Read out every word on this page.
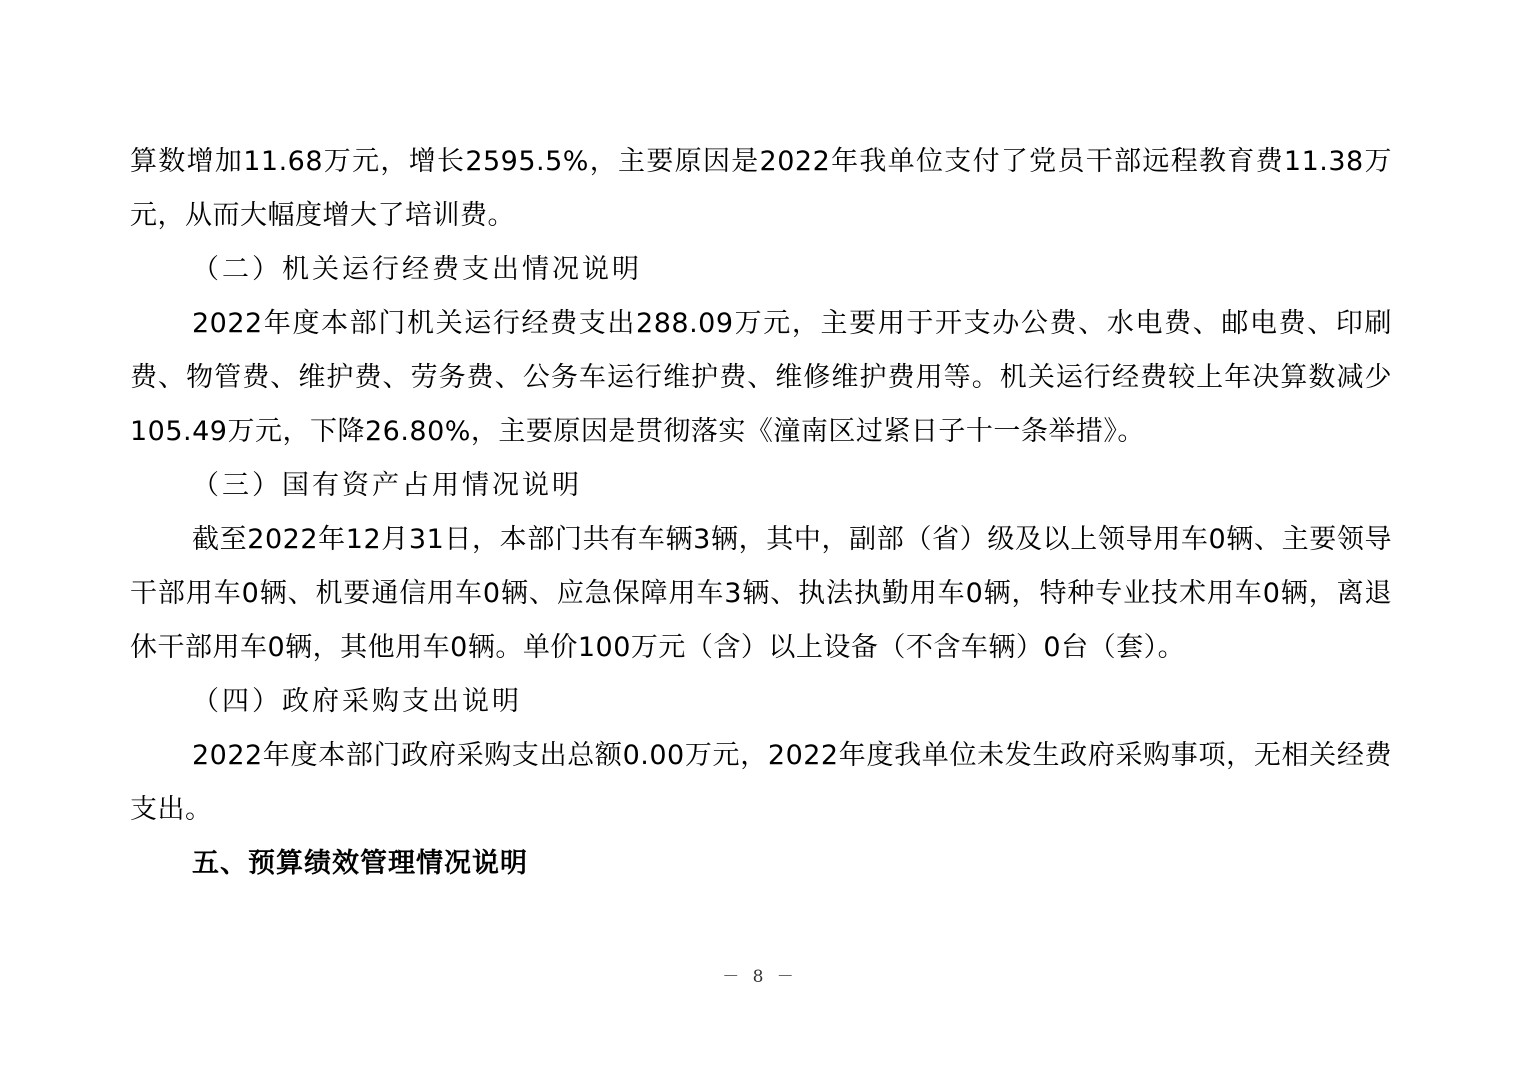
算数增加11.68万元，增长2595.5%，主要原因是2022年我单位支付了党员干部远程教育费11.38万元，从而大幅度增大了培训费。

（二）机关运行经费支出情况说明

2022年度本部门机关运行经费支出288.09万元，主要用于开支办公费、水电费、邮电费、印刷费、物管费、维护费、劳务费、公务车运行维护费、维修维护费用等。机关运行经费较上年决算数减少105.49万元，下降26.80%，主要原因是贯彻落实《潼南区过紧日子十一条举措》。

（三）国有资产占用情况说明

截至2022年12月31日，本部门共有车辆3辆，其中，副部（省）级及以上领导用车0辆、主要领导干部用车0辆、机要通信用车0辆、应急保障用车3辆、执法执勤用车0辆，特种专业技术用车0辆，离退休干部用车0辆，其他用车0辆。单价100万元（含）以上设备（不含车辆）0台（套）。

（四）政府采购支出说明

2022年度本部门政府采购支出总额0.00万元，2022年度我单位未发生政府采购事项，无相关经费支出。

五、预算绩效管理情况说明

－ 8 －
